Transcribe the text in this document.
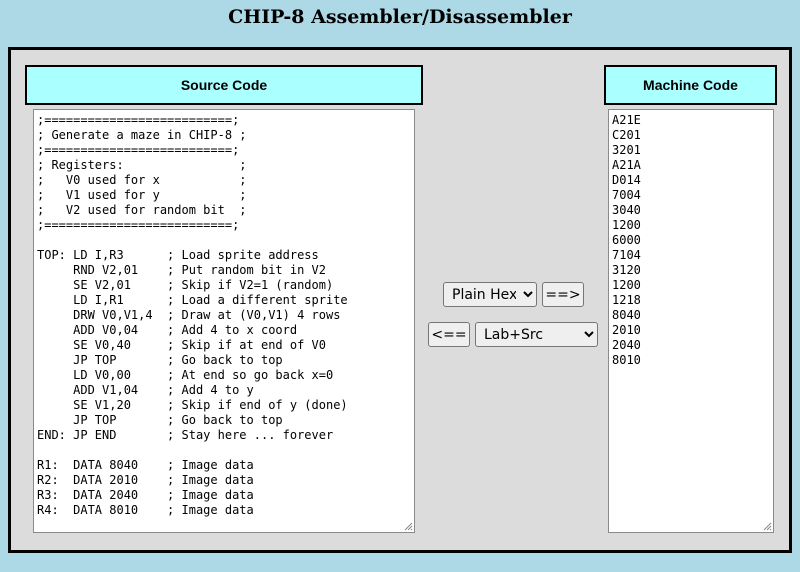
CHIP-8 Assembler/Disassembler
Source Code	Machine Code
;==========================;
; Generate a maze in CHIP-8 ;
;==========================;
; Registers:                ;
;   V0 used for x           ;
;   V1 used for y           ;
;   V2 used for random bit  ;
;==========================;

TOP: LD I,R3      ; Load sprite address
RND V2,01    ; Put random bit in V2
SE V2,01     ; Skip if V2=1 (random)
LD I,R1      ; Load a different sprite
DRW V0,V1,4  ; Draw at (V0,V1) 4 rows
ADD V0,04    ; Add 4 to x coord
SE V0,40     ; Skip if at end of V0
JP TOP       ; Go back to top
LD V0,00     ; At end so go back x=0
ADD V1,04    ; Add 4 to y
SE V1,20     ; Skip if end of y (done)
JP TOP       ; Go back to top
END: JP END       ; Stay here ... forever

R1:  DATA 8040    ; Image data
R2:  DATA 2010    ; Image data
R3:  DATA 2040    ; Image data
R4:  DATA 8010    ; Image data
A21E
C201
3201
A21A
D014
7004
3040
1200
6000
7104
3120
1200
1218
8040
2010
2040
8010
Plain Hex
==>
<==
Lab+Src
